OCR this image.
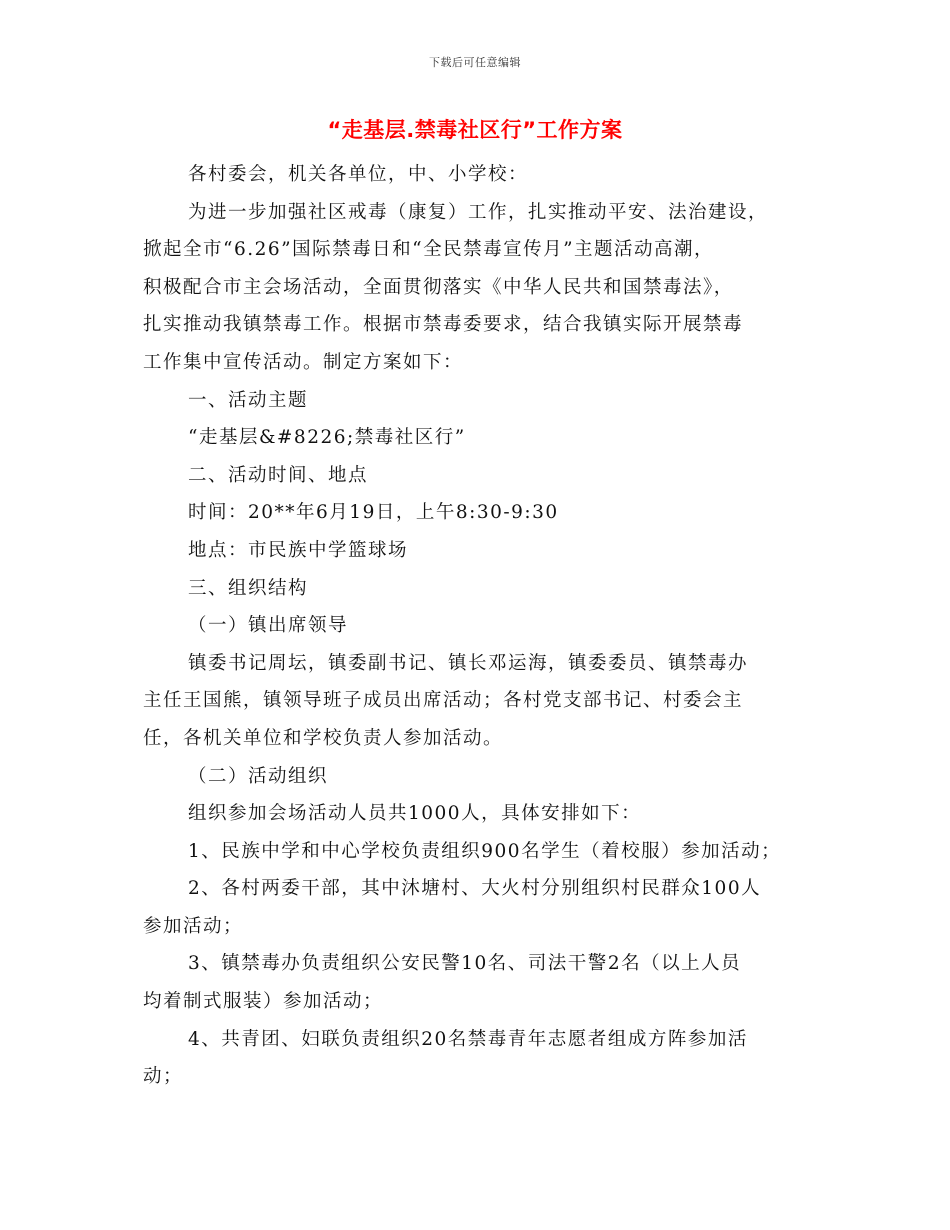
下载后可任意编辑
“走基层.禁毒社区行”工作方案
各村委会，机关各单位，中、小学校：
为进一步加强社区戒毒（康复）工作，扎实推动平安、法治建设，
掀起全市“6.26”国际禁毒日和“全民禁毒宣传月”主题活动高潮，
积极配合市主会场活动，全面贯彻落实《中华人民共和国禁毒法》，
扎实推动我镇禁毒工作。根据市禁毒委要求，结合我镇实际开展禁毒
工作集中宣传活动。制定方案如下：
一、活动主题
“走基层&#8226;禁毒社区行”
二、活动时间、地点
时间：20**年6月19日，上午8:30-9:30
地点：市民族中学篮球场
三、组织结构
（一）镇出席领导
镇委书记周坛，镇委副书记、镇长邓运海，镇委委员、镇禁毒办
主任王国熊，镇领导班子成员出席活动；各村党支部书记、村委会主
任，各机关单位和学校负责人参加活动。
（二）活动组织
组织参加会场活动人员共1000人，具体安排如下：
1、民族中学和中心学校负责组织900名学生（着校服）参加活动；
2、各村两委干部，其中沐塘村、大火村分别组织村民群众100人
参加活动；
3、镇禁毒办负责组织公安民警10名、司法干警2名（以上人员
均着制式服装）参加活动；
4、共青团、妇联负责组织20名禁毒青年志愿者组成方阵参加活
动；
